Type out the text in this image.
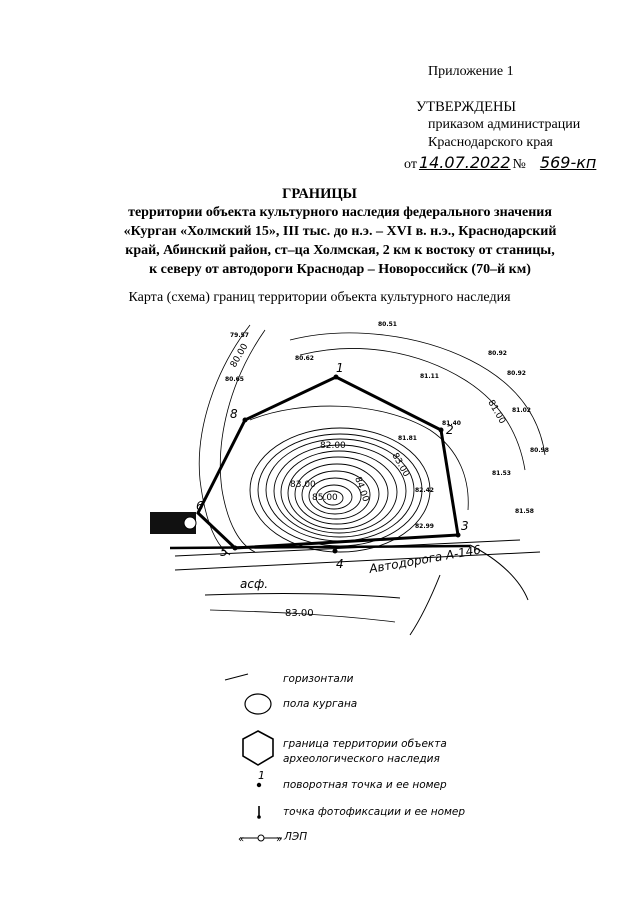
Приложение 1
УТВЕРЖДЕНЫ
приказом администрации
Краснодарского края
от 14.07.2022 № 569-кп
ГРАНИЦЫ
территории объекта культурного наследия федерального значения
«Курган «Холмский 15», III тыс. до н.э. – XVI в. н.э., Краснодарский
край, Абинский район, ст–ца Холмская, 2 км к востоку от станицы,
к северу от автодороги Краснодар – Новороссийск (70–й км)
Карта (схема) границ территории объекта культурного наследия
1
2
3
4
5
6
8
80.00
81.00
82.00
83.00
84.00
85.00
83.00
79.57
80.51
80.62
80.65
80.92
80.92
81.11
81.40
81.02
80.98
81.53
81.58
81.81
82.42
82.99
Автодорога А-146
асф.
83.00
1
«	»
горизонтали
пола кургана
граница территории объекта
археологического наследия
поворотная точка и ее номер
точка фотофиксации и ее номер
ЛЭП
